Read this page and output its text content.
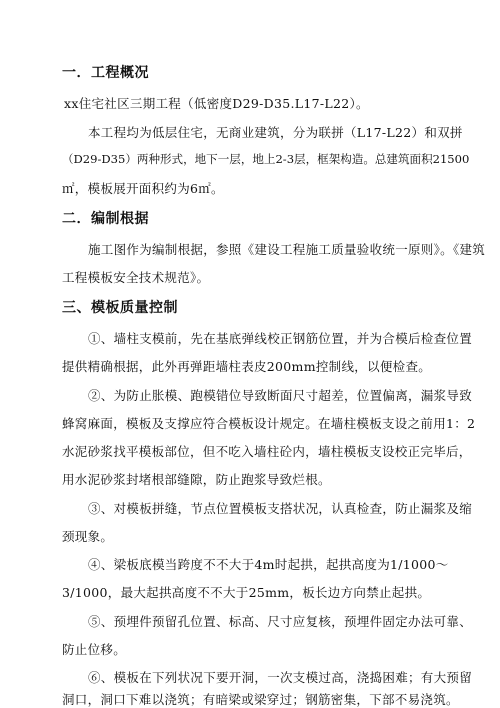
一．工程概况
xx住宅社区三期工程（低密度D29-D35.L17-L22）。
本工程均为低层住宅，无商业建筑，分为联拼（L17-L22）和双拼
（D29-D35）两种形式，地下一层，地上2-3层，框架构造。总建筑面积21500
㎡，模板展开面积约为6㎡。
二．编制根据
施工图作为编制根据，参照《建设工程施工质量验收统一原则》。《建筑
工程模板安全技术规范》。
三、模板质量控制
①、墙柱支模前，先在基底弹线校正钢筋位置，并为合模后检查位置
提供精确根据，此外再弹距墙柱表皮200mm控制线，以便检查。
②、为防止胀模、跑模错位导致断面尺寸超差，位置偏离，漏浆导致
蜂窝麻面，模板及支撑应符合模板设计规定。在墙柱模板支设之前用1：2
水泥砂浆找平模板部位，但不吃入墙柱砼内，墙柱模板支设校正完毕后，
用水泥砂浆封堵根部缝隙，防止跑浆导致烂根。
③、对模板拼缝，节点位置模板支搭状况，认真检查，防止漏浆及缩
颈现象。
④、梁板底模当跨度不不大于4m时起拱，起拱高度为1/1000～
3/1000，最大起拱高度不不大于25mm，板长边方向禁止起拱。
⑤、预埋件预留孔位置、标高、尺寸应复核，预埋件固定办法可靠、
防止位移。
⑥、模板在下列状况下要开洞，一次支模过高，浇捣困难；有大预留
洞口，洞口下难以浇筑；有暗梁或梁穿过；钢筋密集，下部不易浇筑。
